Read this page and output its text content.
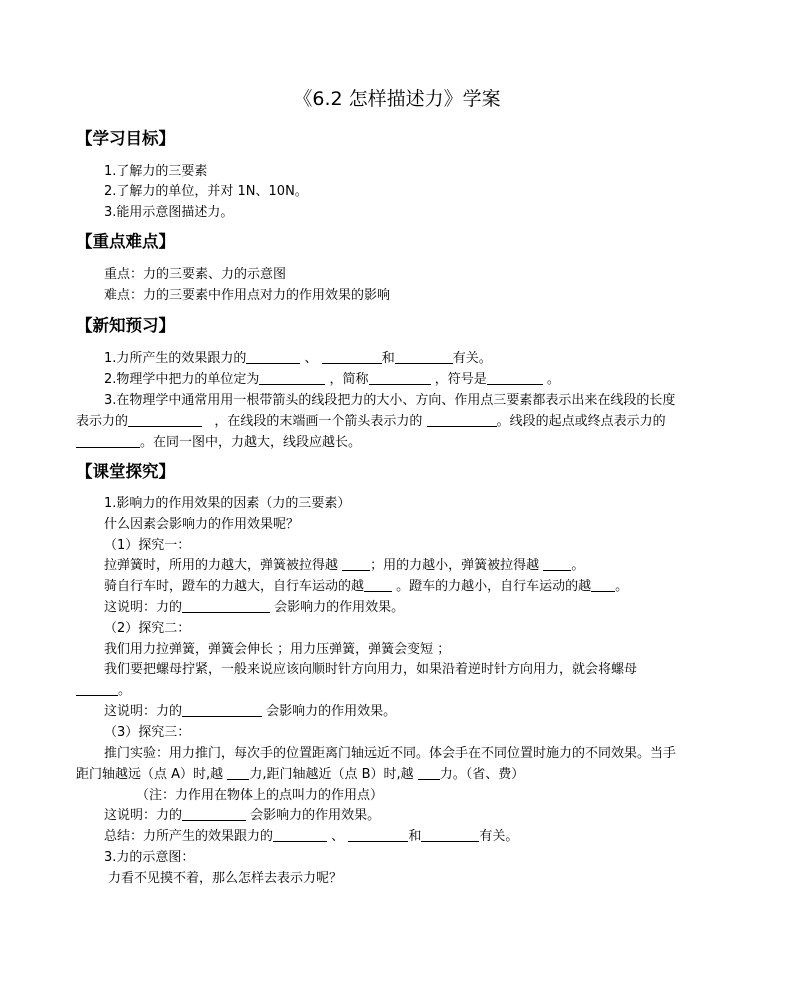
《6.2 怎样描述力》学案
【学习目标】
1.了解力的三要素
2.了解力的单位，并对 1N、10N。
3.能用示意图描述力。
【重点难点】
重点：力的三要素、力的示意图
难点：力的三要素中作用点对力的作用效果的影响
【新知预习】
1.力所产生的效果跟力的	、	和	有关。
2.物理学中把力的单位定为	，简称	，符号是	。
3.在物理学中通常用用一根带箭头的线段把力的大小、方向、作用点三要素都表示出来在线段的长度
表示力的	，在线段的末端画一个箭头表示力的	。线段的起点或终点表示力的
。在同一图中，力越大，线段应越长。
【课堂探究】
1.影响力的作用效果的因素（力的三要素）
什么因素会影响力的作用效果呢？
（1）探究一：
拉弹簧时，所用的力越大，弹簧被拉得越 ；用的力越小，弹簧被拉得越 。
骑自行车时，蹬车的力越大，自行车运动的越 。蹬车的力越小，自行车运动的越 。
这说明：力的	会影响力的作用效果。
（2）探究二：
我们用力拉弹簧，弹簧会伸长 ；用力压弹簧，弹簧会变短 ；
我们要把螺母拧紧，一般来说应该向顺时针方向用力，如果沿着逆时针方向用力，就会将螺母
。
这说明：力的	会影响力的作用效果。
（3）探究三：
推门实验：用力推门，每次手的位置距离门轴远近不同。体会手在不同位置时施力的不同效果。当手
距门轴越远（点 A）时,越 力,距门轴越近（点 B）时,越 力。（省、费）
（注：力作用在物体上的点叫力的作用点）
这说明：力的	会影响力的作用效果。
总结：力所产生的效果跟力的	、	和	有关。
3.力的示意图：
力看不见摸不着，那么怎样去表示力呢？
